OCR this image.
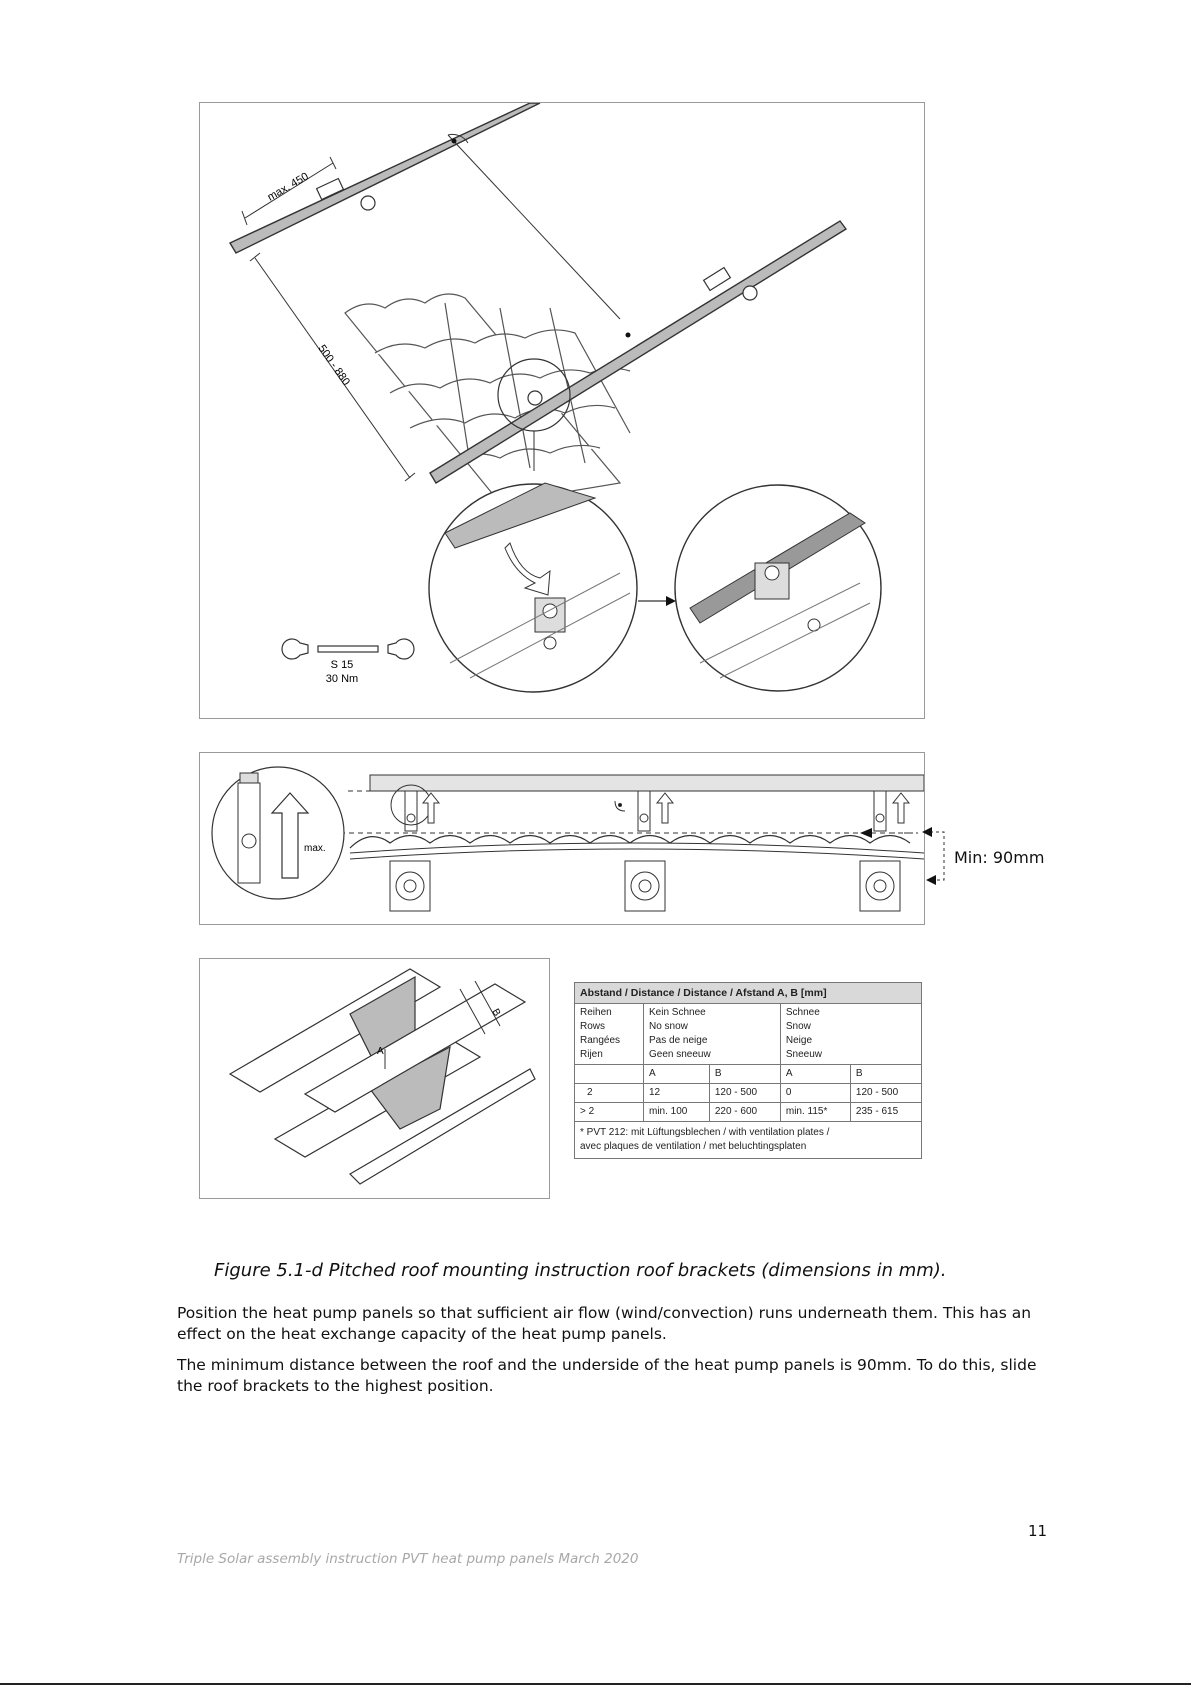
max. 450
500 - 880
S 15
30 Nm
max.	Min: 90mm
B
A
Abstand / Distance / Distance / Afstand A, B [mm]				

Reihen
Rows
Rangées
Rijen	Kein Schnee
No snow
Pas de neige
Geen sneeuw		Schnee
Snow
Neige
Sneeuw	

	A	B	A	B
2	12	120 - 500	0	120 - 500
> 2	min. 100	220 - 600	min. 115*	235 - 615

* PVT 212: mit Lüftungsblechen / with ventilation plates /
avec plaques de ventilation / met beluchtingsplaten				
Figure 5.1-d Pitched roof mounting instruction roof brackets (dimensions in mm).

Position the heat pump panels so that sufficient air flow (wind/convection) runs underneath them. This has an effect on the heat exchange capacity of the heat pump panels.

The minimum distance between the roof and the underside of the heat pump panels is 90mm. To do this, slide the roof brackets to the highest position.

11
Triple Solar assembly instruction PVT heat pump panels March 2020
